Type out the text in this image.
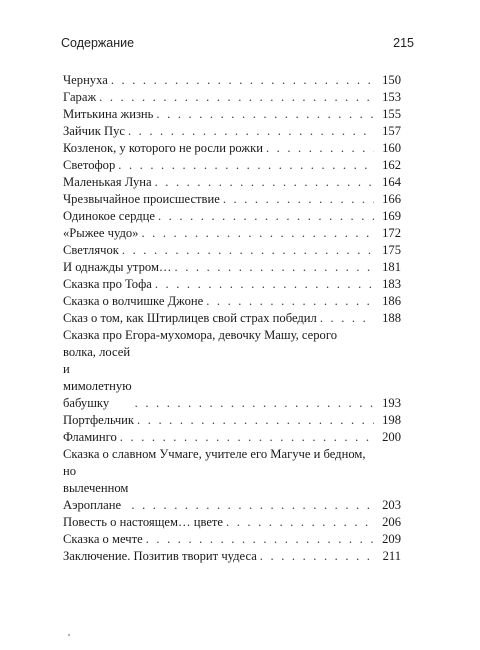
Содержание	215
Чернуха . . .	150
Гараж . . .	153
Митькина жизнь . . .	155
Зайчик Пус . . .	157
Козленок, у которого не росли рожки . . .	160
Светофор . . .	162
Маленькая Луна . . .	164
Чрезвычайное происшествие . . .	166
Одинокое сердце . . .	169
«Рыжее чудо» . . .	172
Светлячок . . .	175
И однажды утром… . . .	181
Сказка про Тофа . . .	183
Сказка о волчишке Джоне . . .	186
Сказ о том, как Штирлицев свой страх победил . . .	188
Сказка про Егора-мухомора, девочку Машу, серого
волка, лосей и мимолетную бабушку . . .	193
Портфельчик . . .	198
Фламинго . . .	200
Сказка о славном Учмаге, учителе его Магуче и бедном,
но вылеченном Аэроплане . . .	203
Повесть о настоящем… цвете . . .	206
Сказка о мечте . . .	209
Заключение. Позитив творит чудеса . . .	211
